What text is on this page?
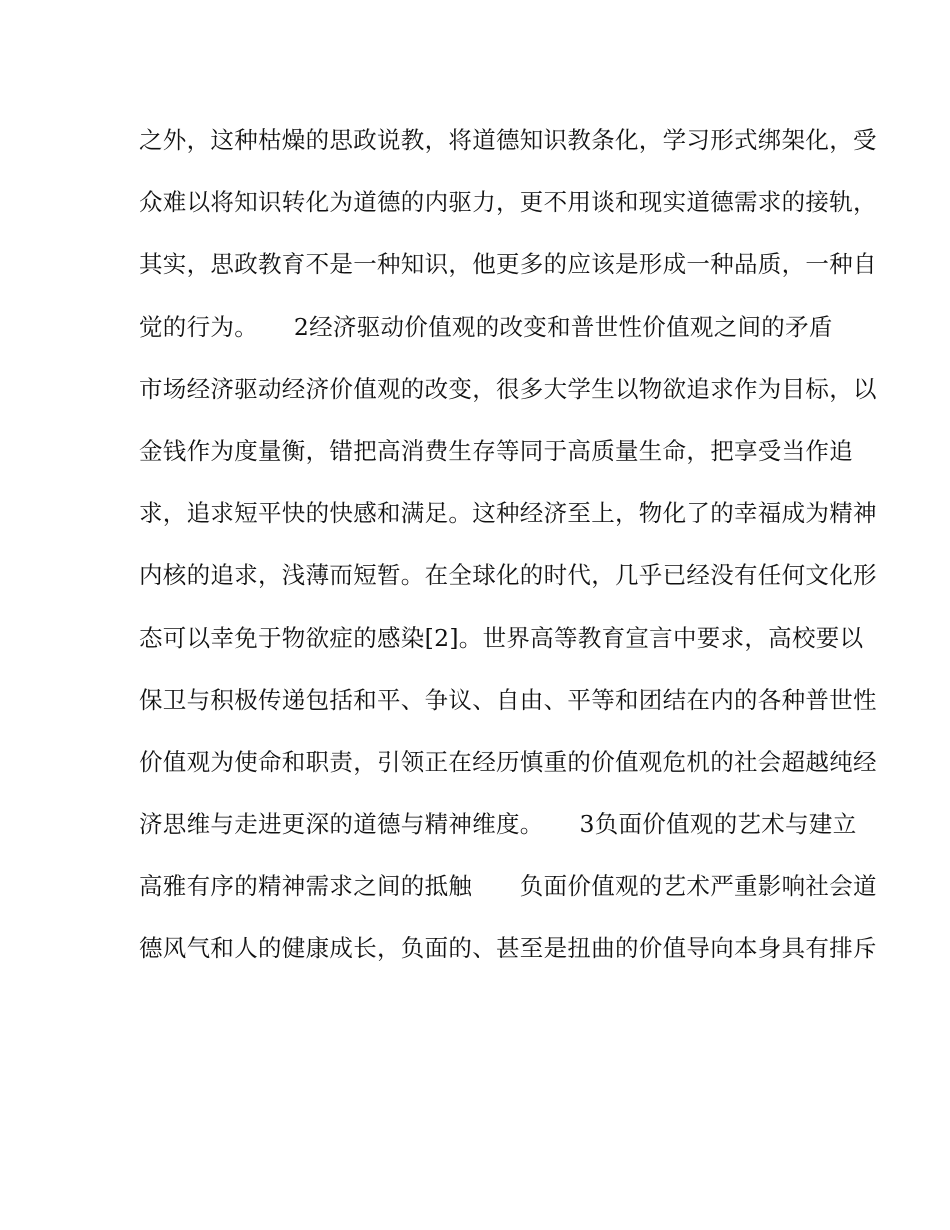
之外，这种枯燥的思政说教，将道德知识教条化，学习形式绑架化，受
众难以将知识转化为道德的内驱力，更不用谈和现实道德需求的接轨，
其实，思政教育不是一种知识，他更多的应该是形成一种品质，一种自
觉的行为。　　2经济驱动价值观的改变和普世性价值观之间的矛盾
市场经济驱动经济价值观的改变，很多大学生以物欲追求作为目标，以
金钱作为度量衡，错把高消费生存等同于高质量生命，把享受当作追
求，追求短平快的快感和满足。这种经济至上，物化了的幸福成为精神
内核的追求，浅薄而短暂。在全球化的时代，几乎已经没有任何文化形
态可以幸免于物欲症的感染[2]。世界高等教育宣言中要求，高校要以
保卫与积极传递包括和平、争议、自由、平等和团结在内的各种普世性
价值观为使命和职责，引领正在经历慎重的价值观危机的社会超越纯经
济思维与走进更深的道德与精神维度。　　3负面价值观的艺术与建立
高雅有序的精神需求之间的抵触　　负面价值观的艺术严重影响社会道
德风气和人的健康成长，负面的、甚至是扭曲的价值导向本身具有排斥
